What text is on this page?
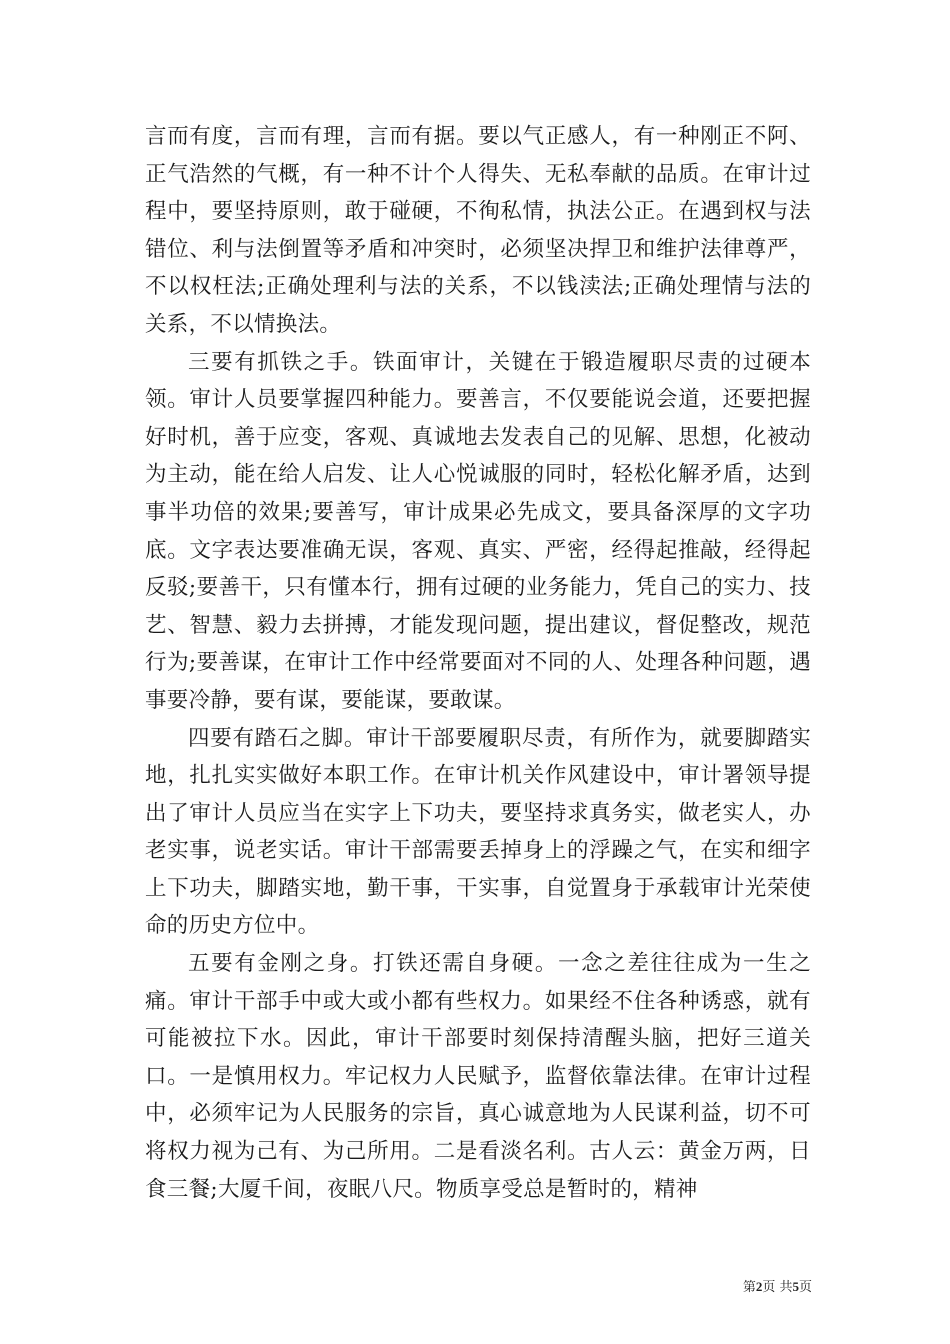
言而有度，言而有理，言而有据。要以气正感人，有一种刚正不阿、正气浩然的气概，有一种不计个人得失、无私奉献的品质。在审计过程中，要坚持原则，敢于碰硬，不徇私情，执法公正。在遇到权与法错位、利与法倒置等矛盾和冲突时，必须坚决捍卫和维护法律尊严，不以权枉法;正确处理利与法的关系，不以钱渎法;正确处理情与法的关系，不以情换法。

三要有抓铁之手。铁面审计，关键在于锻造履职尽责的过硬本领。审计人员要掌握四种能力。要善言，不仅要能说会道，还要把握好时机，善于应变，客观、真诚地去发表自己的见解、思想，化被动为主动，能在给人启发、让人心悦诚服的同时，轻松化解矛盾，达到事半功倍的效果;要善写，审计成果必先成文，要具备深厚的文字功底。文字表达要准确无误，客观、真实、严密，经得起推敲，经得起反驳;要善干，只有懂本行，拥有过硬的业务能力，凭自己的实力、技艺、智慧、毅力去拼搏，才能发现问题，提出建议，督促整改，规范行为;要善谋，在审计工作中经常要面对不同的人、处理各种问题，遇事要冷静，要有谋，要能谋，要敢谋。

四要有踏石之脚。审计干部要履职尽责，有所作为，就要脚踏实地，扎扎实实做好本职工作。在审计机关作风建设中，审计署领导提出了审计人员应当在实字上下功夫，要坚持求真务实，做老实人，办老实事，说老实话。审计干部需要丢掉身上的浮躁之气，在实和细字上下功夫，脚踏实地，勤干事，干实事，自觉置身于承载审计光荣使命的历史方位中。

五要有金刚之身。打铁还需自身硬。一念之差往往成为一生之痛。审计干部手中或大或小都有些权力。如果经不住各种诱惑，就有可能被拉下水。因此，审计干部要时刻保持清醒头脑，把好三道关口。一是慎用权力。牢记权力人民赋予，监督依靠法律。在审计过程中，必须牢记为人民服务的宗旨，真心诚意地为人民谋利益，切不可将权力视为己有、为己所用。二是看淡名利。古人云：黄金万两，日食三餐;大厦千间，夜眠八尺。物质享受总是暂时的，精神

第2页 共5页
